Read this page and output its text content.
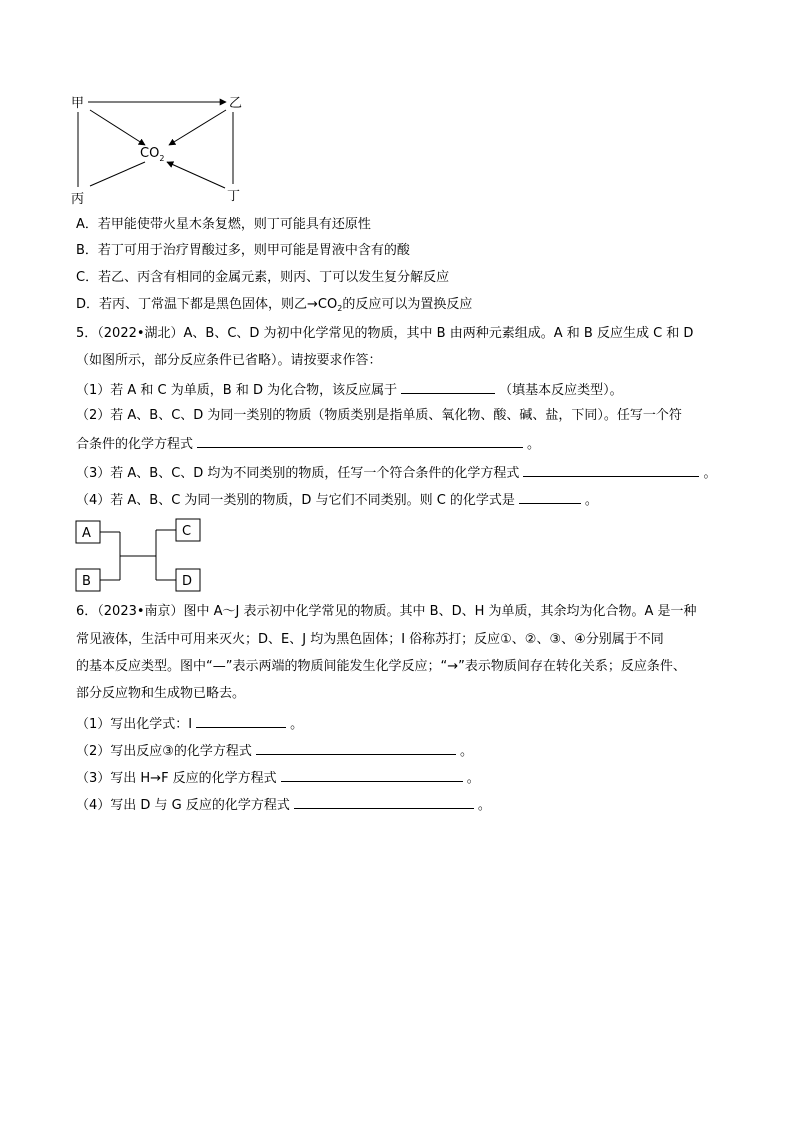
甲	乙
丙	丁
$CO_2$
A．若甲能使带火星木条复燃，则丁可能具有还原性
B．若丁可用于治疗胃酸过多，则甲可能是胃液中含有的酸
C．若乙、丙含有相同的金属元素，则丙、丁可以发生复分解反应
D．若丙、丁常温下都是黑色固体，则乙$\to CO_2$的反应可以为置换反应
5．（2022•湖北）A、B、C、D 为初中化学常见的物质，其中 B 由两种元素组成。A 和 B 反应生成 C 和 D
（如图所示，部分反应条件已省略）。请按要求作答：
（1）若 A 和 C 为单质，B 和 D 为化合物，该反应属于	（填基本反应类型）。
（2）若 A、B、C、D 为同一类别的物质（物质类别是指单质、氧化物、酸、碱、盐，下同）。任写一个符
合条件的化学方程式	。
（3）若 A、B、C、D 均为不同类别的物质，任写一个符合条件的化学方程式	。
（4）若 A、B、C 为同一类别的物质，D 与它们不同类别。则 C 的化学式是	。
A
B
C
D
6．（2023•南京）图中 A～J 表示初中化学常见的物质。其中 B、D、H 为单质，其余均为化合物。A 是一种
常见液体，生活中可用来灭火；D、E、J 均为黑色固体；I 俗称苏打；反应①、②、③、④分别属于不同
的基本反应类型。图中“—”表示两端的物质间能发生化学反应；“→”表示物质间存在转化关系；反应条件、
部分反应物和生成物已略去。
（1）写出化学式：I	。
（2）写出反应③的化学方程式	。
（3）写出 H→F 反应的化学方程式	。
（4）写出 D 与 G 反应的化学方程式	。
